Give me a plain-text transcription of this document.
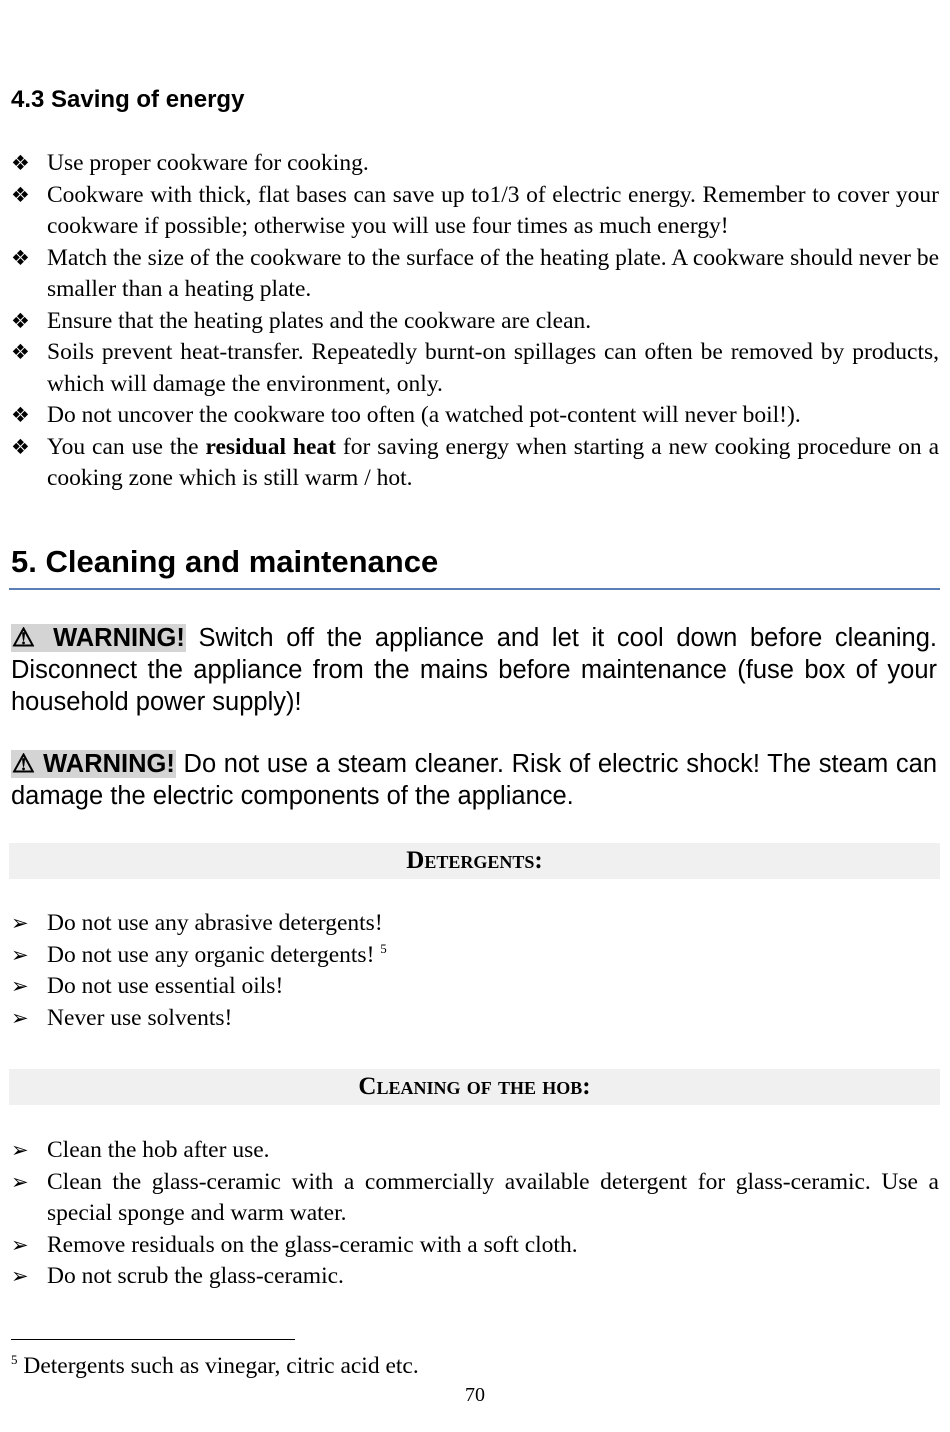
4.3 Saving of energy
❖ Use proper cookware for cooking.
❖ Cookware with thick, flat bases can save up to1/3 of electric energy. Remember to cover your cookware if possible; otherwise you will use four times as much energy!
❖ Match the size of the cookware to the surface of the heating plate. A cookware should never be smaller than a heating plate.
❖ Ensure that the heating plates and the cookware are clean.
❖ Soils prevent heat-transfer. Repeatedly burnt-on spillages can often be removed by products, which will damage the environment, only.
❖ Do not uncover the cookware too often (a watched pot-content will never boil!).
❖ You can use the residual heat for saving energy when starting a new cooking procedure on a cooking zone which is still warm / hot.
5. Cleaning and maintenance

⚠ WARNING! Switch off the appliance and let it cool down before cleaning. Disconnect the appliance from the mains before maintenance (fuse box of your household power supply)!

⚠ WARNING! Do not use a steam cleaner. Risk of electric shock! The steam can damage the electric components of the appliance.

Detergents:
➢ Do not use any abrasive detergents!
➢ Do not use any organic detergents! $^5$
➢ Do not use essential oils!
➢ Never use solvents!
Cleaning of the hob:
➢ Clean the hob after use.
➢ Clean the glass-ceramic with a commercially available detergent for glass-ceramic. Use a special sponge and warm water.
➢ Remove residuals on the glass-ceramic with a soft cloth.
➢ Do not scrub the glass-ceramic.

$^5$ Detergents such as vinegar, citric acid etc.

70
